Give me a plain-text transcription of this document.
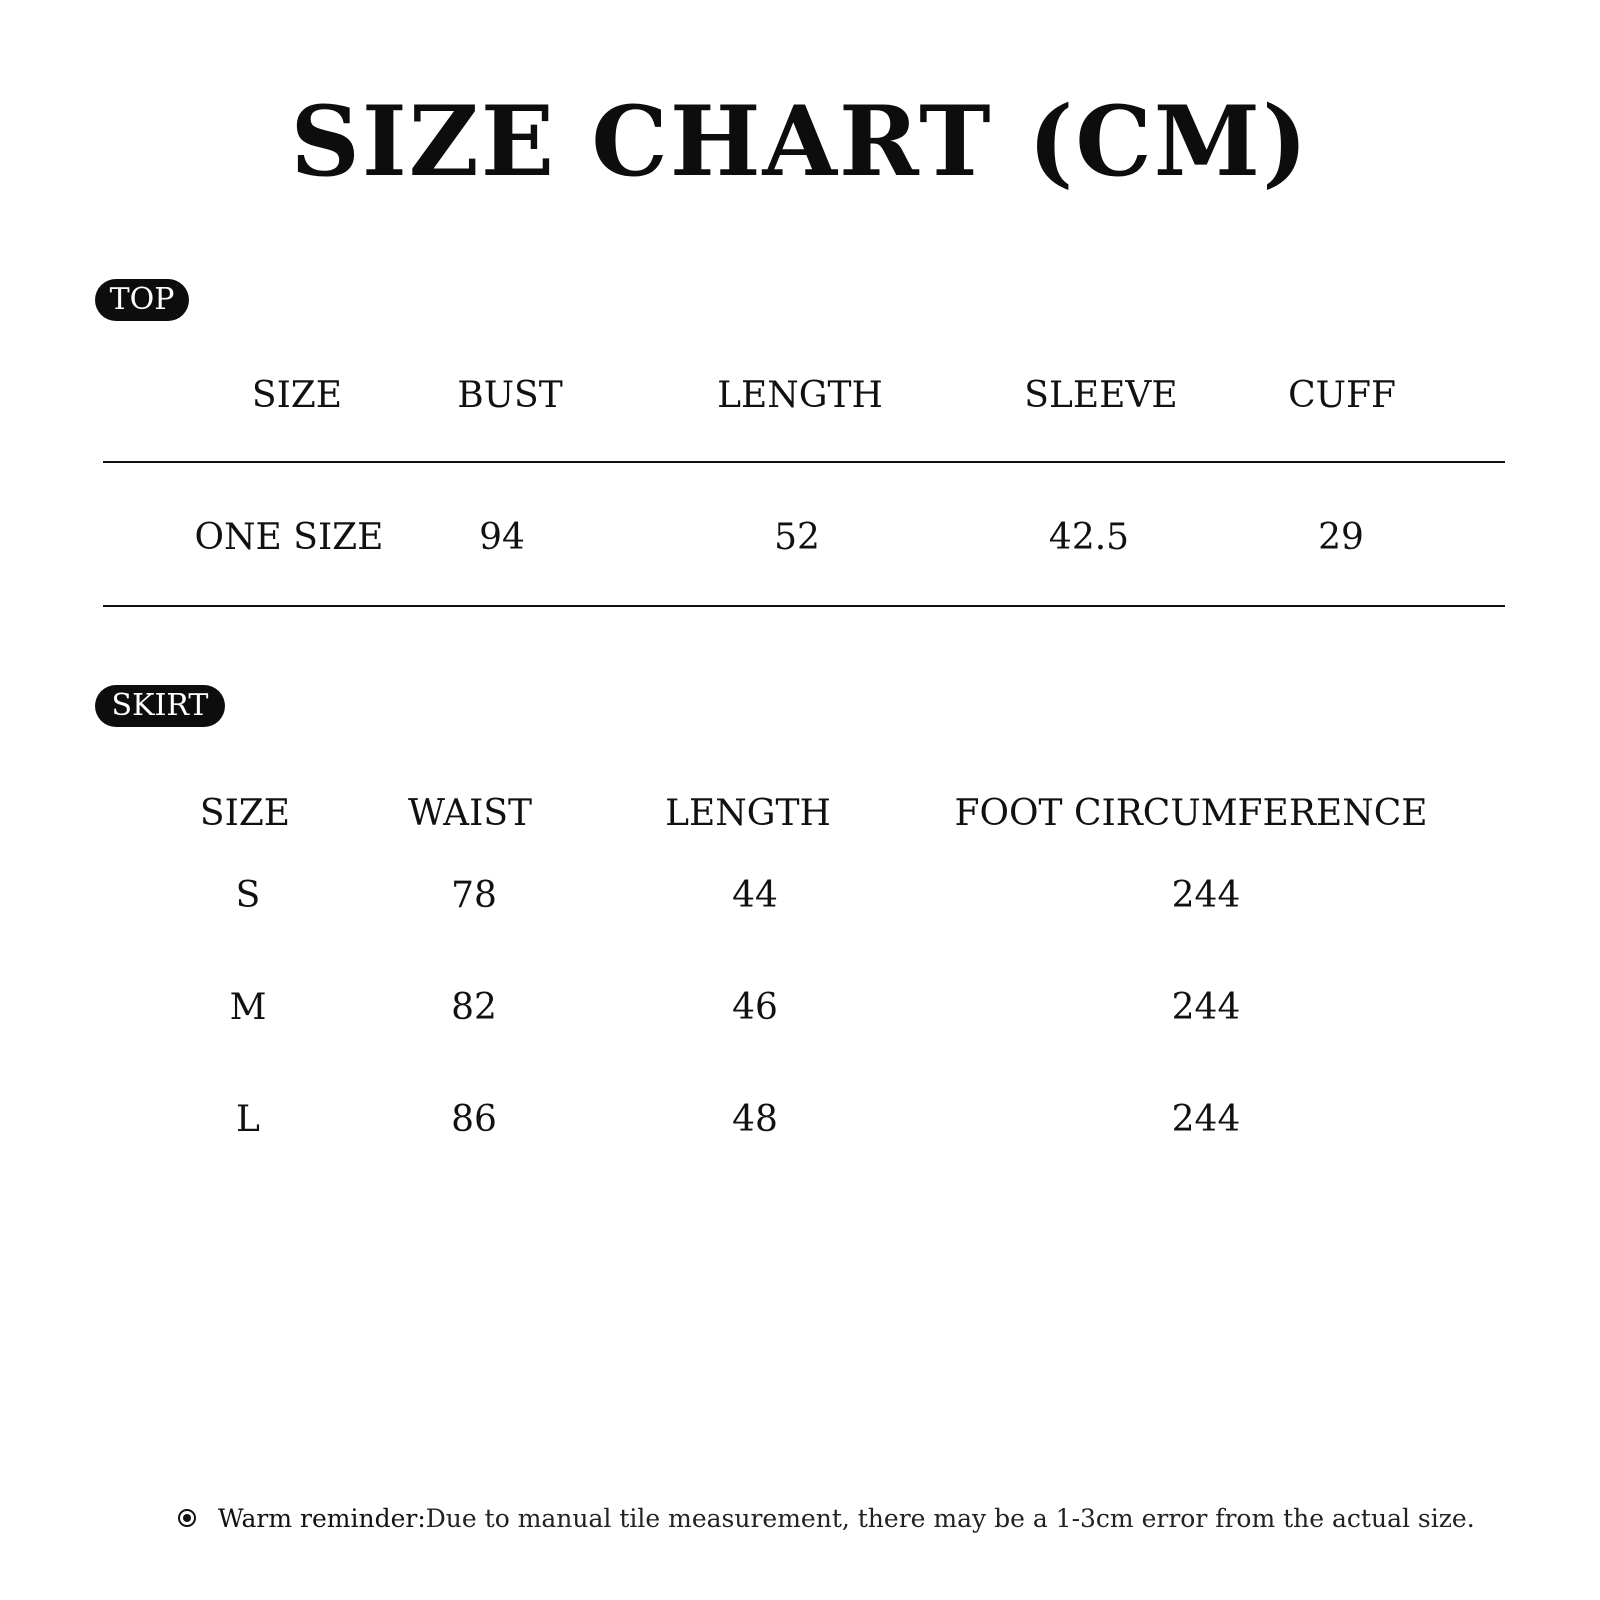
SIZE CHART (CM)
TOP
SIZE	BUST	LENGTH	SLEEVE	CUFF
ONE SIZE	94	52	42.5	29
SKIRT
SIZE	WAIST	LENGTH	FOOT CIRCUMFERENCE
S	78	44	244
M	82	46	244
L	86	48	244
Warm reminder: Due to manual tile measurement, there may be a 1-3cm error from the actual size.
